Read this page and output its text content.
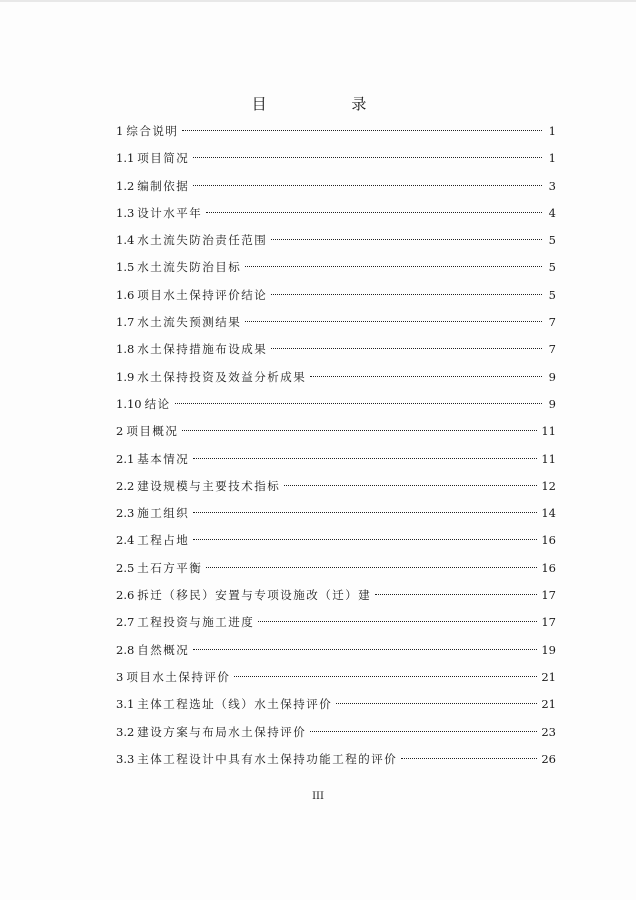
目 录
1 综合说明	1
1.1 项目简况	1
1.2 编制依据	3
1.3 设计水平年	4
1.4 水土流失防治责任范围	5
1.5 水土流失防治目标	5
1.6 项目水土保持评价结论	5
1.7 水土流失预测结果	7
1.8 水土保持措施布设成果	7
1.9 水土保持投资及效益分析成果	9
1.10 结论	9
2 项目概况	11
2.1 基本情况	11
2.2 建设规模与主要技术指标	12
2.3 施工组织	14
2.4 工程占地	16
2.5 土石方平衡	16
2.6 拆迁（移民）安置与专项设施改（迁）建	17
2.7 工程投资与施工进度	17
2.8 自然概况	19
3 项目水土保持评价	21
3.1 主体工程选址（线）水土保持评价	21
3.2 建设方案与布局水土保持评价	23
3.3 主体工程设计中具有水土保持功能工程的评价	26
III
